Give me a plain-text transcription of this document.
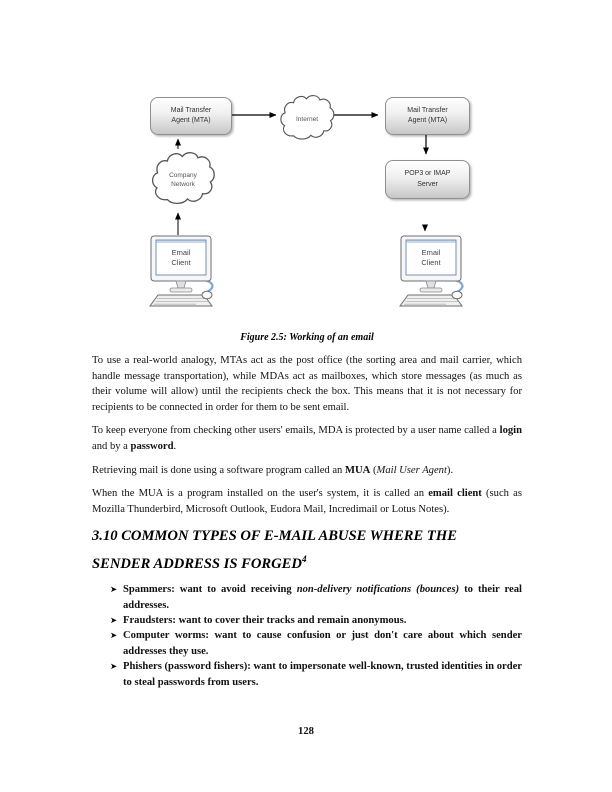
Mail Transfer
Agent (MTA)	Internet
Mail Transfer
Agent (MTA)
POP3 or IMAP
Server
Company
Network
Email
Client
Email
Client
Figure 2.5: Working of an email

To use a real-world analogy, MTAs act as the post office (the sorting area and mail carrier, which handle message transportation), while MDAs act as mailboxes, which store messages (as much as their volume will allow) until the recipients check the box. This means that it is not necessary for recipients to be connected in order for them to be sent email.

To keep everyone from checking other users' emails, MDA is protected by a user name called a login and by a password.

Retrieving mail is done using a software program called an MUA (Mail User Agent).

When the MUA is a program installed on the user's system, it is called an email client (such as Mozilla Thunderbird, Microsoft Outlook, Eudora Mail, Incredimail or Lotus Notes).

3.10 COMMON TYPES OF E-MAIL ABUSE WHERE THE
SENDER ADDRESS IS FORGED$^4$
➤ Spammers: want to avoid receiving non-delivery notifications (bounces) to their real addresses.
➤ Fraudsters: want to cover their tracks and remain anonymous.
➤ Computer worms: want to cause confusion or just don't care about which sender addresses they use.
➤ Phishers (password fishers): want to impersonate well-known, trusted identities in order to steal passwords from users.
128
